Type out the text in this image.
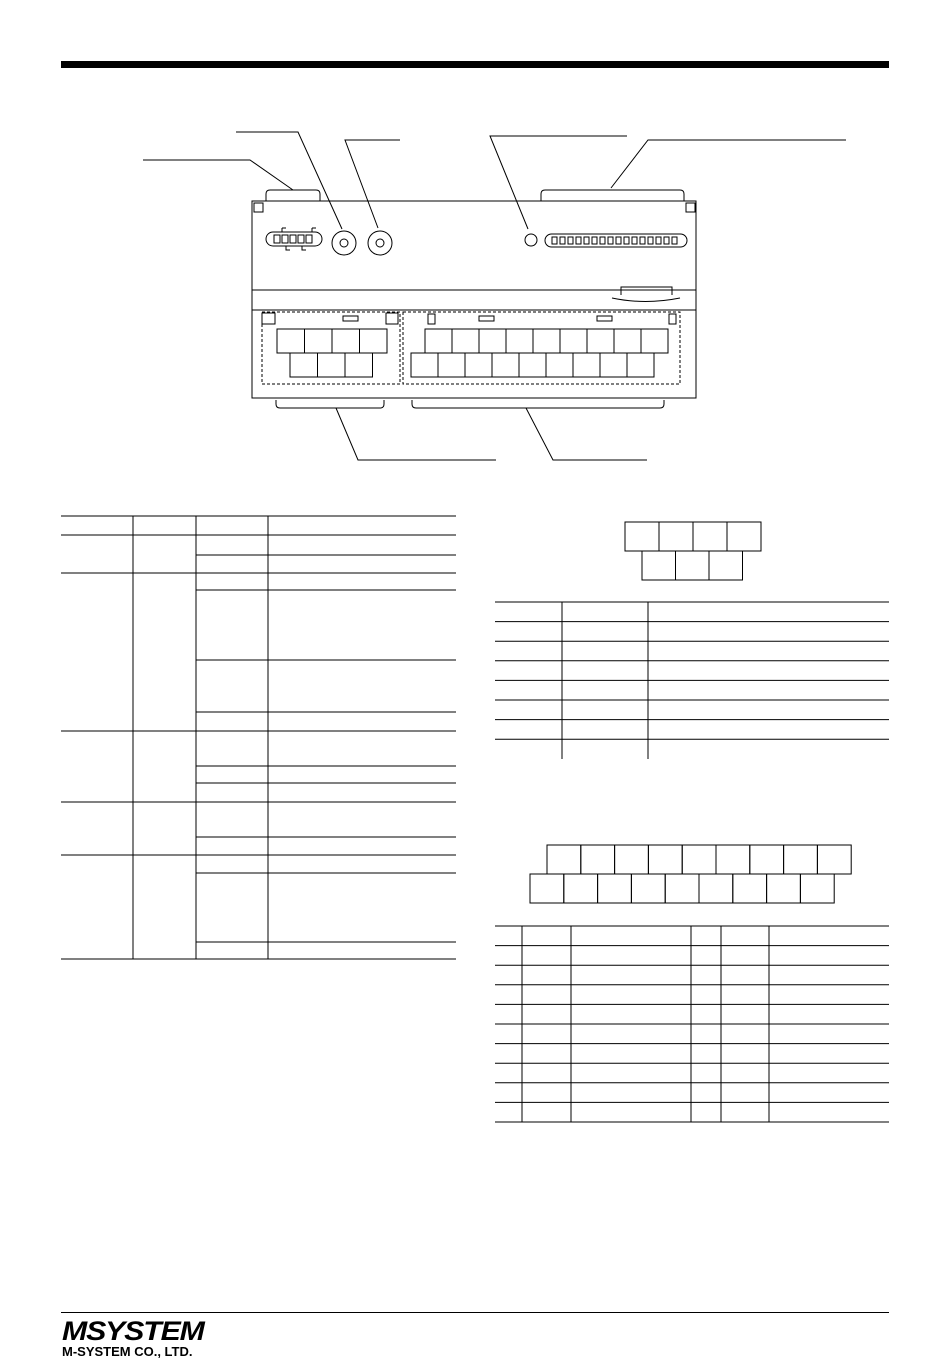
MSYSTEM
M-SYSTEM CO., LTD.
